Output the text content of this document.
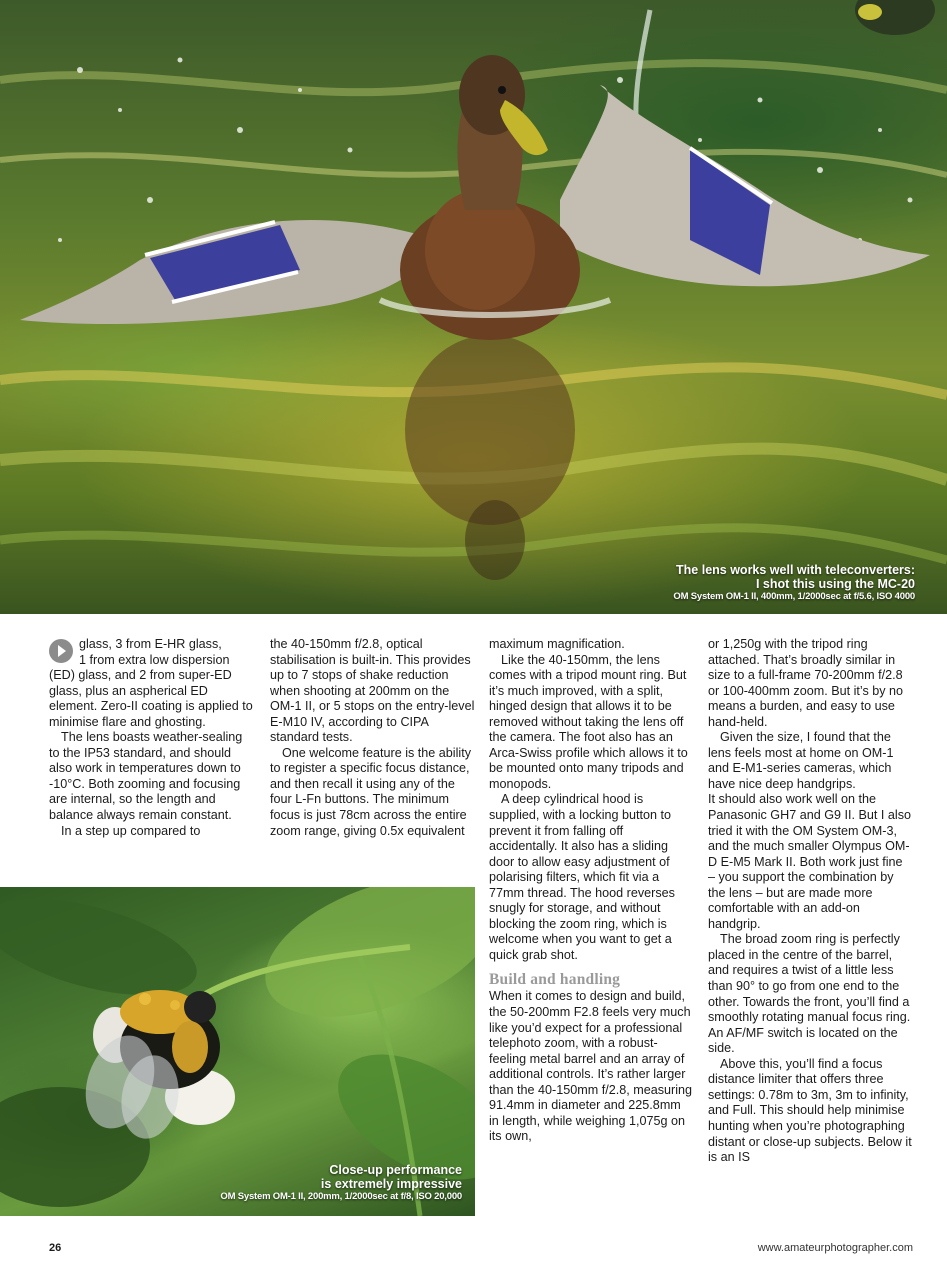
The lens works well with teleconverters:
I shot this using the MC-20
OM System OM-1 II, 400mm, 1/2000sec at f/5.6, ISO 4000

glass, 3 from E-HR glass,

1 from extra low dispersion (ED) glass, and 2 from super-ED glass, plus an aspherical ED element. Zero-II coating is applied to minimise flare and ghosting.

The lens boasts weather-sealing to the IP53 standard, and should also work in temperatures down to -10°C. Both zooming and focusing are internal, so the length and balance always remain constant.

In a step up compared to

the 40-150mm f/2.8, optical stabilisation is built-in. This provides up to 7 stops of shake reduction when shooting at 200mm on the OM-1 II, or 5 stops on the entry-level E-M10 IV, according to CIPA standard tests.

One welcome feature is the ability to register a specific focus distance, and then recall it using any of the four L-Fn buttons. The minimum focus is just 78cm across the entire zoom range, giving 0.5x equivalent

Close-up performance
is extremely impressive
OM System OM-1 II, 200mm, 1/2000sec at f/8, ISO 20,000

maximum magnification.

Like the 40-150mm, the lens comes with a tripod mount ring. But it’s much improved, with a split, hinged design that allows it to be removed without taking the lens off the camera. The foot also has an Arca-Swiss profile which allows it to be mounted onto many tripods and monopods.

A deep cylindrical hood is supplied, with a locking button to prevent it from falling off accidentally. It also has a sliding door to allow easy adjustment of polarising filters, which fit via a 77mm thread. The hood reverses snugly for storage, and without blocking the zoom ring, which is welcome when you want to get a quick grab shot.

Build and handling

When it comes to design and build, the 50-200mm F2.8 feels very much like you’d expect for a professional telephoto zoom, with a robust-feeling metal barrel and an array of additional controls. It’s rather larger than the 40-150mm f/2.8, measuring 91.4mm in diameter and 225.8mm in length, while weighing 1,075g on its own,

or 1,250g with the tripod ring attached. That’s broadly similar in size to a full-frame 70-200mm f/2.8 or 100-400mm zoom. But it’s by no means a burden, and easy to use hand-held.

Given the size, I found that the lens feels most at home on OM-1 and E-M1-series cameras, which have nice deep handgrips.

It should also work well on the Panasonic GH7 and G9 II. But I also tried it with the OM System OM-3, and the much smaller Olympus OM-D E-M5 Mark II. Both work just fine – you support the combination by the lens – but are made more comfortable with an add-on handgrip.

The broad zoom ring is perfectly placed in the centre of the barrel, and requires a twist of a little less than 90° to go from one end to the other. Towards the front, you’ll find a smoothly rotating manual focus ring. An AF/MF switch is located on the side.

Above this, you’ll find a focus distance limiter that offers three settings: 0.78m to 3m, 3m to infinity, and Full. This should help minimise hunting when you’re photographing distant or close-up subjects. Below it is an IS

26	www.amateurphotographer.com
